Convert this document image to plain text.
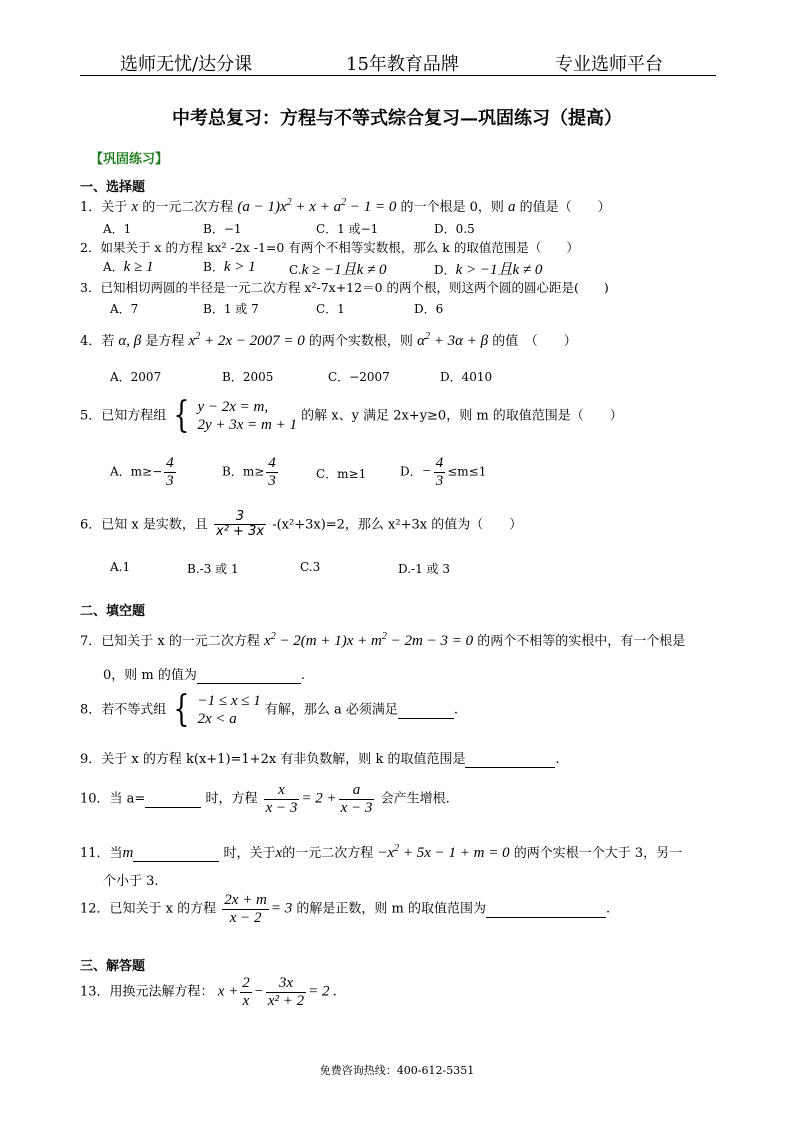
选师无忧/达分课	15年教育品牌	专业选师平台
中考总复习：方程与不等式综合复习—巩固练习（提高）
【巩固练习】
一、选择题
1．关于 x 的一元二次方程 $(a - 1)x^2 + x + a^2 - 1 = 0$ 的一个根是 0，则 a 的值是（　　）
A．1	B．−1	C．1 或−1	D．0.5
2．如果关于 x 的方程 kx² -2x -1=0 有两个不相等实数根，那么 k 的取值范围是（　　）
A．k ≥ 1	B．k > 1	C.k ≥ −1且k ≠ 0	D．k > −1且k ≠ 0
3．已知相切两圆的半径是一元二次方程 x²-7x+12＝0 的两个根，则这两个圆的圆心距是(　　)
A．7	B．1 或 7	C．1	D．6
4．若 α, β 是方程 $x^2 + 2x - 2007 = 0$ 的两个实数根，则 $\alpha^2 + 3\alpha + \beta$ 的值　（　　）
A．2007	B．2005	C．−2007	D．4010
5．已知方程组 { y − 2x = m,
2y + 3x = m + 1 的解 x、y 满足 2x+y≥0，则 m 的取值范围是（　　）
A．$m\ge- \frac{4}{3}$	B．$m\ge \frac{4}{3}$	C．m≥1	D．− $\frac{4}{3} \le m\le 1$
6．已知 x 是实数，且 $\frac{3}{\text{x² + 3x}} -(x^2+3x)=2$，那么 x²+3x 的值为（　　）
A.1	B.-3 或 1	C.3	D.-1 或 3
二、填空题
7．已知关于 x 的一元二次方程 $x^2 - 2(m + 1)x + m^2 - 2m - 3 = 0$ 的两个不相等的实根中，有一个根是
0，则 m 的值为	.
8．若不等式组 { −1 ≤ x ≤ 1
2x < a 有解，那么 a 必须满足	.
9．关于 x 的方程 k(x+1)=1+2x 有非负数解，则 k 的取值范围是	.
10．当 a=	时，方程 $\frac{x}{x - 3} = 2 + \frac{a}{x - 3}$ 会产生增根.
11．当m	时，关于x的一元二次方程 $-x^2 + 5x - 1 + m = 0$ 的两个实根一个大于 3，另一
个小于 3.
12．已知关于 x 的方程 $\frac{2x + m}{x - 2} = 3$ 的解是正数，则 m 的取值范围为	.
三、解答题
13．用换元法解方程： $x + \frac{2}{x} - \frac{3x}{\text{x² + 2}} = 2$ .
免费咨询热线：400-612-5351
